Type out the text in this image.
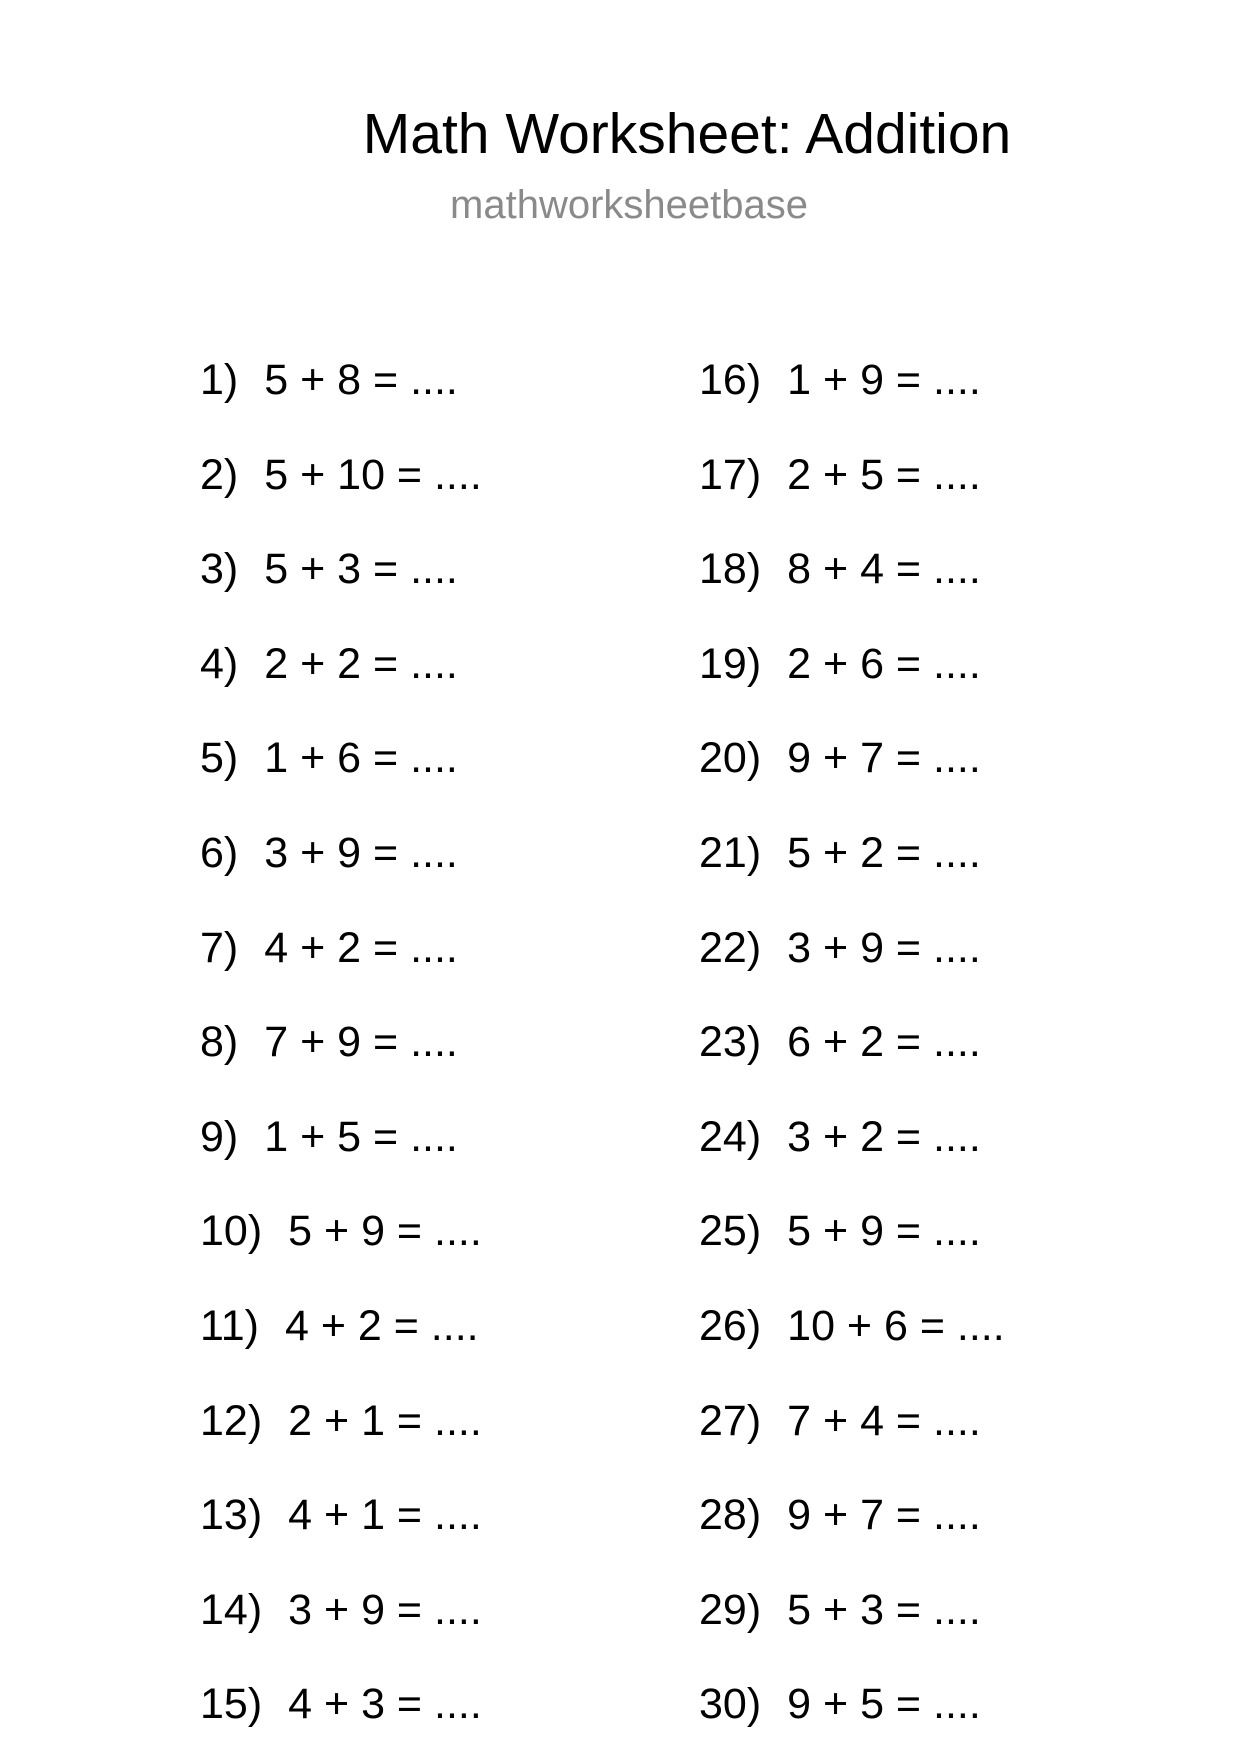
Math Worksheet: Addition
mathworksheetbase
1) 5 + 8 = ....
2) 5 + 10 = ....
3) 5 + 3 = ....
4) 2 + 2 = ....
5) 1 + 6 = ....
6) 3 + 9 = ....
7) 4 + 2 = ....
8) 7 + 9 = ....
9) 1 + 5 = ....
10) 5 + 9 = ....
11) 4 + 2 = ....
12) 2 + 1 = ....
13) 4 + 1 = ....
14) 3 + 9 = ....
15) 4 + 3 = ....
16) 1 + 9 = ....
17) 2 + 5 = ....
18) 8 + 4 = ....
19) 2 + 6 = ....
20) 9 + 7 = ....
21) 5 + 2 = ....
22) 3 + 9 = ....
23) 6 + 2 = ....
24) 3 + 2 = ....
25) 5 + 9 = ....
26) 10 + 6 = ....
27) 7 + 4 = ....
28) 9 + 7 = ....
29) 5 + 3 = ....
30) 9 + 5 = ....
